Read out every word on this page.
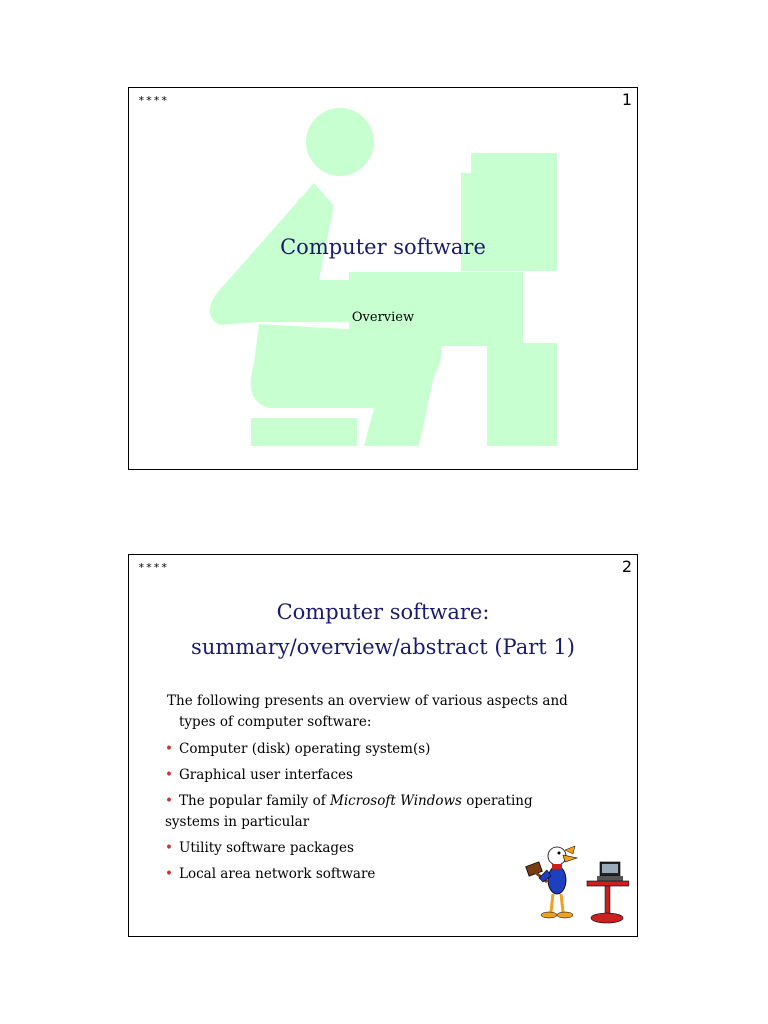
****	1
Computer software
Overview
****	2
Computer software:
summary/overview/abstract (Part 1)
The following presents an overview of various aspects and
types of computer software:
• Computer (disk) operating system(s)
• Graphical user interfaces
• The popular family of Microsoft Windows operating
systems in particular
• Utility software packages
• Local area network software
